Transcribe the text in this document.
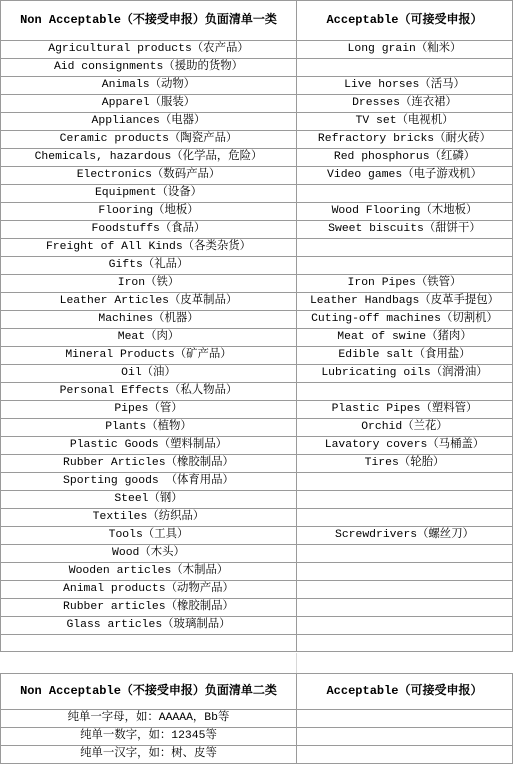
Non Acceptable（不接受申报）负面清单一类	Acceptable（可接受申报）
Agricultural products（农产品）	Long grain（籼米）
Aid consignments（援助的货物）	
Animals（动物）	Live horses（活马）
Apparel（服装）	Dresses（连衣裙）
Appliances（电器）	TV set（电视机）
Ceramic products（陶瓷产品）	Refractory bricks（耐火砖）
Chemicals, hazardous（化学品，危险）	Red phosphorus（红磷）
Electronics（数码产品）	Video games（电子游戏机）
Equipment（设备）	
Flooring（地板）	Wood Flooring（木地板）
Foodstuffs（食品）	Sweet biscuits（甜饼干）
Freight of All Kinds（各类杂货）	
Gifts（礼品）	
Iron（铁）	Iron Pipes（铁管）
Leather Articles（皮革制品）	Leather Handbags（皮革手提包）
Machines（机器）	Cuting-off machines（切割机）
Meat（肉）	Meat of swine（猪肉）
Mineral Products（矿产品）	Edible salt（食用盐）
Oil（油）	Lubricating oils（润滑油）
Personal Effects（私人物品）	
Pipes（管）	Plastic Pipes（塑料管）
Plants（植物）	Orchid（兰花）
Plastic Goods（塑料制品）	Lavatory covers（马桶盖）
Rubber Articles（橡胶制品）	Tires（轮胎）
Sporting goods （体育用品）	
Steel（钢）	
Textiles（纺织品）	
Tools（工具）	Screwdrivers（螺丝刀）
Wood（木头）	
Wooden articles（木制品）	
Animal products（动物产品）	
Rubber articles（橡胶制品）	
Glass articles（玻璃制品）	

Non Acceptable（不接受申报）负面清单二类	Acceptable（可接受申报）
纯单一字母，如：AAAAA，Bb等	
纯单一数字，如：12345等	
纯单一汉字，如：树、皮等	
